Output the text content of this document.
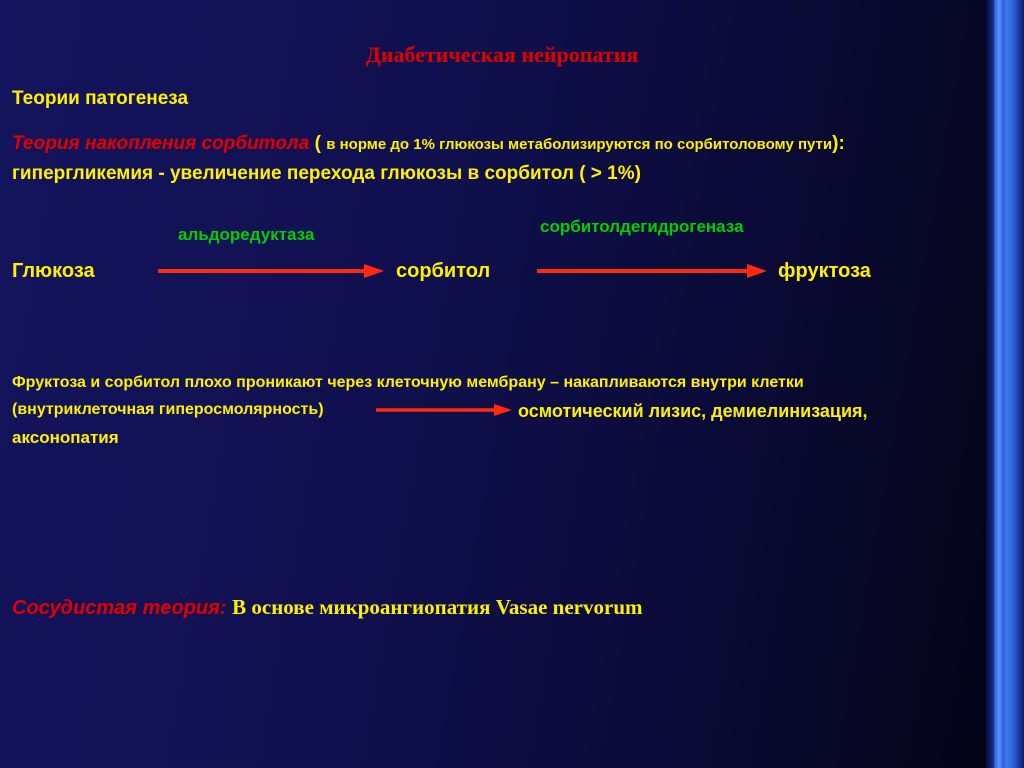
Диабетическая нейропатия
Теории патогенеза
Теория накопления сорбитола ( в норме до 1% глюкозы метаболизируются по сорбитоловому пути):
гипергликемия - увеличение перехода глюкозы в сорбитол ( > 1%)
альдоредуктаза	сорбитолдегидрогеназа
Глюкоза	сорбитол	фруктоза
Фруктоза и сорбитол плохо проникают через клеточную мембрану – накапливаются внутри клетки
(внутриклеточная гиперосмолярность)	осмотический лизис, демиелинизация,
аксонопатия
Сосудистая теория: В основе микроангиопатия Vasae nervorum
